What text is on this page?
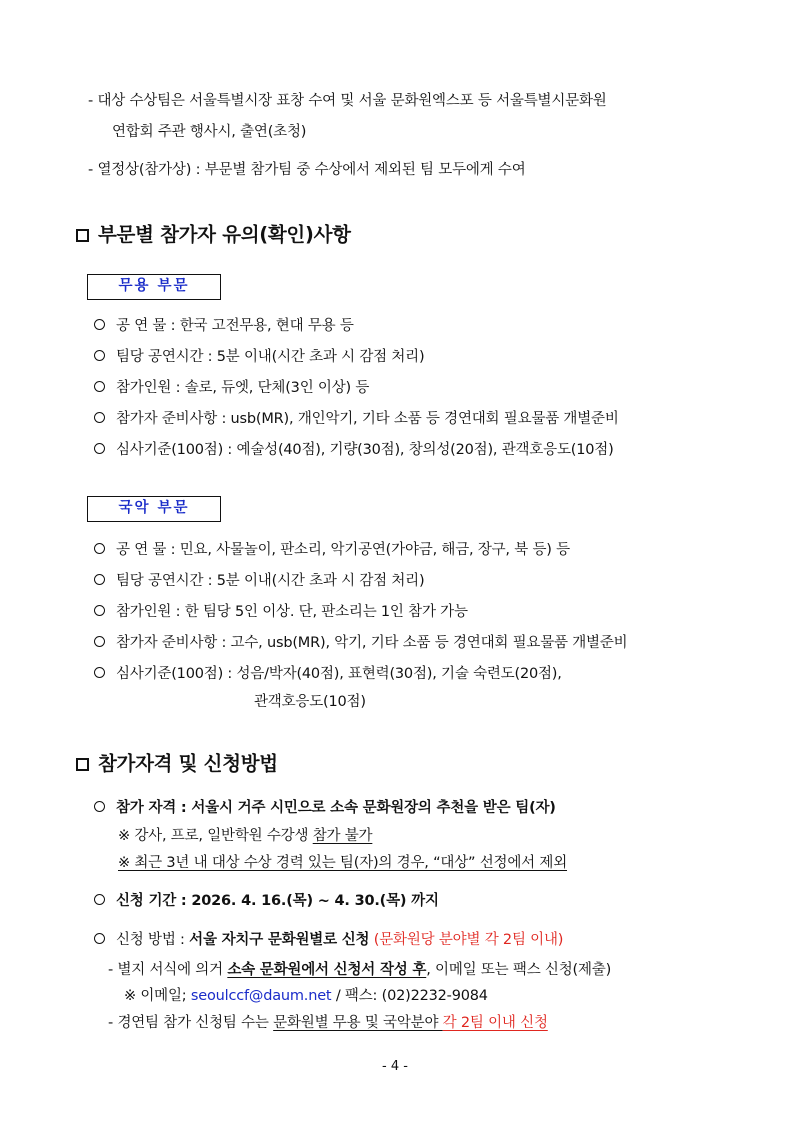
- 대상 수상팀은 서울특별시장 표창 수여 및 서울 문화원엑스포 등 서울특별시문화원
연합회 주관 행사시, 출연(초청)
- 열정상(참가상) : 부문별 참가팀 중 수상에서 제외된 팀 모두에게 수여
부문별 참가자 유의(확인)사항
무용 부문
공 연 물 : 한국 고전무용, 현대 무용 등
팀당 공연시간 : 5분 이내(시간 초과 시 감점 처리)
참가인원 : 솔로, 듀엣, 단체(3인 이상) 등
참가자 준비사항 : usb(MR), 개인악기, 기타 소품 등 경연대회 필요물품 개별준비
심사기준(100점) : 예술성(40점), 기량(30점), 창의성(20점), 관객호응도(10점)
국악 부문
공 연 물 : 민요, 사물놀이, 판소리, 악기공연(가야금, 해금, 장구, 북 등) 등
팀당 공연시간 : 5분 이내(시간 초과 시 감점 처리)
참가인원 : 한 팀당 5인 이상. 단, 판소리는 1인 참가 가능
참가자 준비사항 : 고수, usb(MR), 악기, 기타 소품 등 경연대회 필요물품 개별준비
심사기준(100점) : 성음/박자(40점), 표현력(30점), 기술 숙련도(20점),
관객호응도(10점)
참가자격 및 신청방법
참가 자격 : 서울시 거주 시민으로 소속 문화원장의 추천을 받은 팀(자)
※ 강사, 프로, 일반학원 수강생 참가 불가
※ 최근 3년 내 대상 수상 경력 있는 팀(자)의 경우, “대상” 선정에서 제외
신청 기간 : 2026. 4. 16.(목) ~ 4. 30.(목) 까지
신청 방법 : 서울 자치구 문화원별로 신청 (문화원당 분야별 각 2팀 이내)
- 별지 서식에 의거 소속 문화원에서 신청서 작성 후, 이메일 또는 팩스 신청(제출)
※ 이메일; seoulccf@daum.net / 팩스: (02)2232-9084
- 경연팀 참가 신청팀 수는 문화원별 무용 및 국악분야 각 2팀 이내 신청
- 4 -
